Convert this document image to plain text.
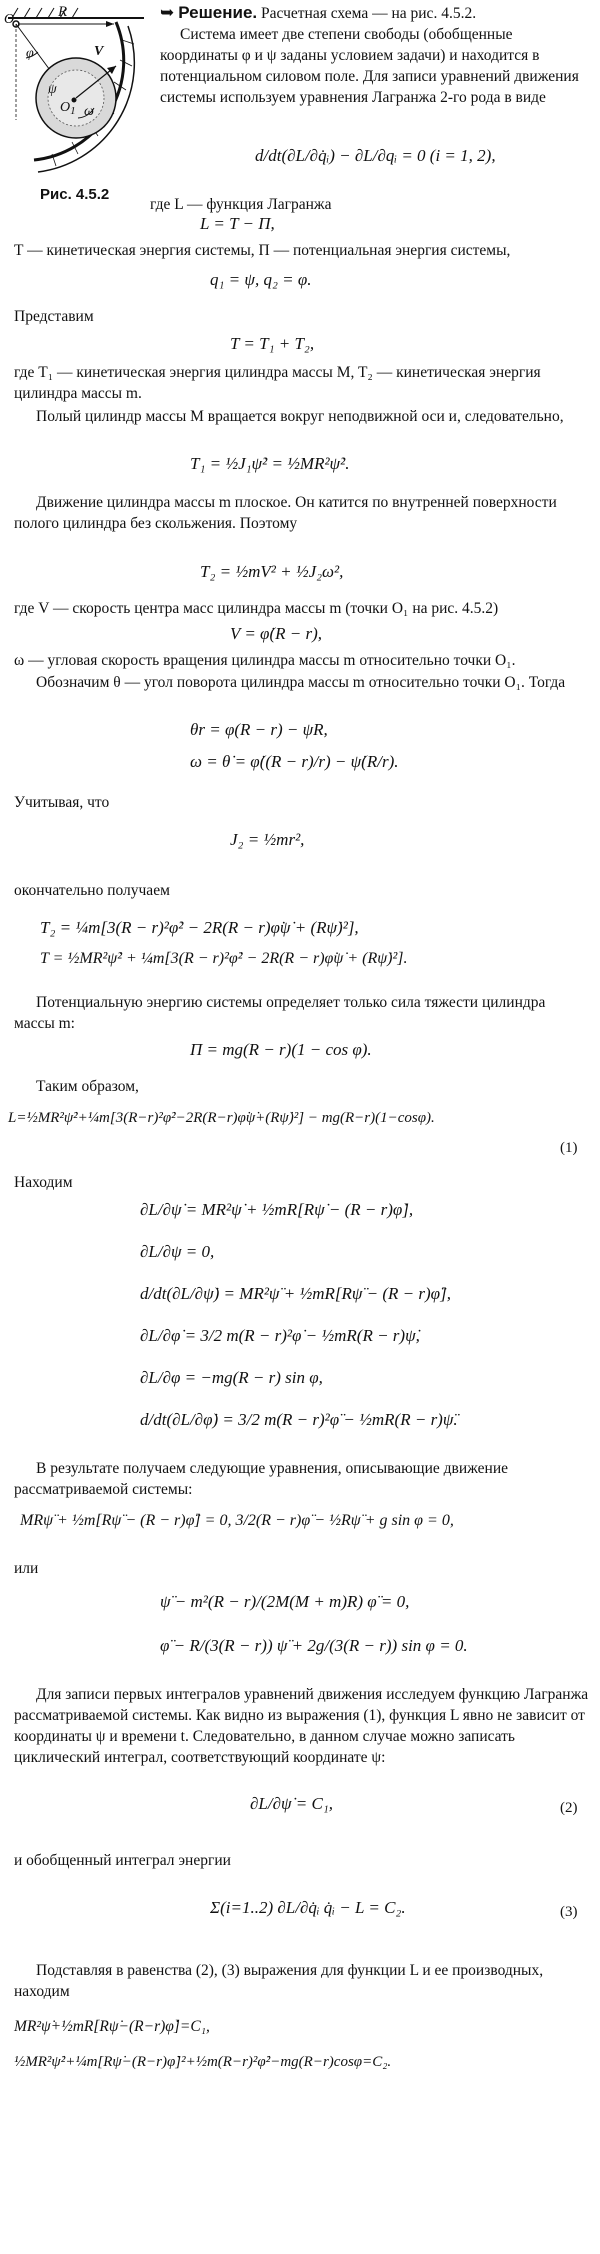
O	R
ψ
V
φ
$O_1$ ω
Рис. 4.5.2
➥ Решение. Расчетная схема — на рис. 4.5.2.
Система имеет две степени свободы (обобщенные координаты φ и ψ заданы условием задачи) и находится в потенциальном силовом поле. Для записи уравнений движения системы используем уравнения Лагранжа 2-го рода в виде
d/dt(∂L/∂q̇ᵢ) − ∂L/∂qᵢ = 0 (i = 1, 2),
где L — функция Лагранжа
L = T − Π,
T — кинетическая энергия системы, Π — потенциальная энергия системы,
q₁ = ψ, q₂ = φ.
Представим
T = T₁ + T₂,
где T₁ — кинетическая энергия цилиндра массы M, T₂ — кинетическая энергия цилиндра массы m.

Полый цилиндр массы M вращается вокруг неподвижной оси и, следовательно,

T₁ = ½J₁ψ̇² = ½MR²ψ̇².

Движение цилиндра массы m плоское. Он катится по внутренней поверхности полого цилиндра без скольжения. Поэтому

T₂ = ½mV² + ½J₂ω²,
где V — скорость центра масс цилиндра массы m (точки O₁ на рис. 4.5.2)
V = φ̇(R − r),
ω — угловая скорость вращения цилиндра массы m относительно точки O₁.

Обозначим θ — угол поворота цилиндра массы m относительно точки O₁. Тогда

θr = φ(R − r) − ψR,
ω = θ̇ = φ̇((R − r)/r) − ψ̇(R/r).
Учитывая, что
J₂ = ½mr²,
окончательно получаем
T₂ = ¼m[3(R − r)²φ̇² − 2R(R − r)φ̇ψ̇ + (Rψ̇)²],
T = ½MR²ψ̇² + ¼m[3(R − r)²φ̇² − 2R(R − r)φ̇ψ̇ + (Rψ̇)²].

Потенциальную энергию системы определяет только сила тяжести цилиндра массы m:

Π = mg(R − r)(1 − cos φ).

Таким образом,

L=½MR²ψ̇²+¼m[3(R−r)²φ̇²−2R(R−r)φ̇ψ̇+(Rψ̇)²] − mg(R−r)(1−cosφ).
(1)
Находим
∂L/∂ψ̇ = MR²ψ̇ + ½mR[Rψ̇ − (R − r)φ̇],
∂L/∂ψ = 0,
d/dt(∂L/∂ψ̇) = MR²ψ̈ + ½mR[Rψ̈ − (R − r)φ̈],
∂L/∂φ̇ = 3/2 m(R − r)²φ̇ − ½mR(R − r)ψ̇,
∂L/∂φ = −mg(R − r) sin φ,
d/dt(∂L/∂φ̇) = 3/2 m(R − r)²φ̈ − ½mR(R − r)ψ̈.

В результате получаем следующие уравнения, описывающие движение рассматриваемой системы:

MRψ̈ + ½m[Rψ̈ − (R − r)φ̈] = 0, 3/2(R − r)φ̈ − ½Rψ̈ + g sin φ = 0,
или
ψ̈ − m²(R − r)/(2M(M + m)R) φ̈ = 0,
φ̈ − R/(3(R − r)) ψ̈ + 2g/(3(R − r)) sin φ = 0.

Для записи первых интегралов уравнений движения исследуем функцию Лагранжа рассматриваемой системы. Как видно из выражения (1), функция L явно не зависит от координаты ψ и времени t. Следовательно, в данном случае можно записать циклический интеграл, соответствующий координате ψ:

∂L/∂ψ̇ = C₁,	(2)
и обобщенный интеграл энергии
Σ(i=1..2) ∂L/∂q̇ᵢ q̇ᵢ − L = C₂.	(3)

Подставляя в равенства (2), (3) выражения для функции L и ее производных, находим

MR²ψ̇+½mR[Rψ̇−(R−r)φ̇]=C₁,
½MR²ψ̇²+¼m[Rψ̇−(R−r)φ̇]²+½m(R−r)²φ̇²−mg(R−r)cosφ=C₂.
